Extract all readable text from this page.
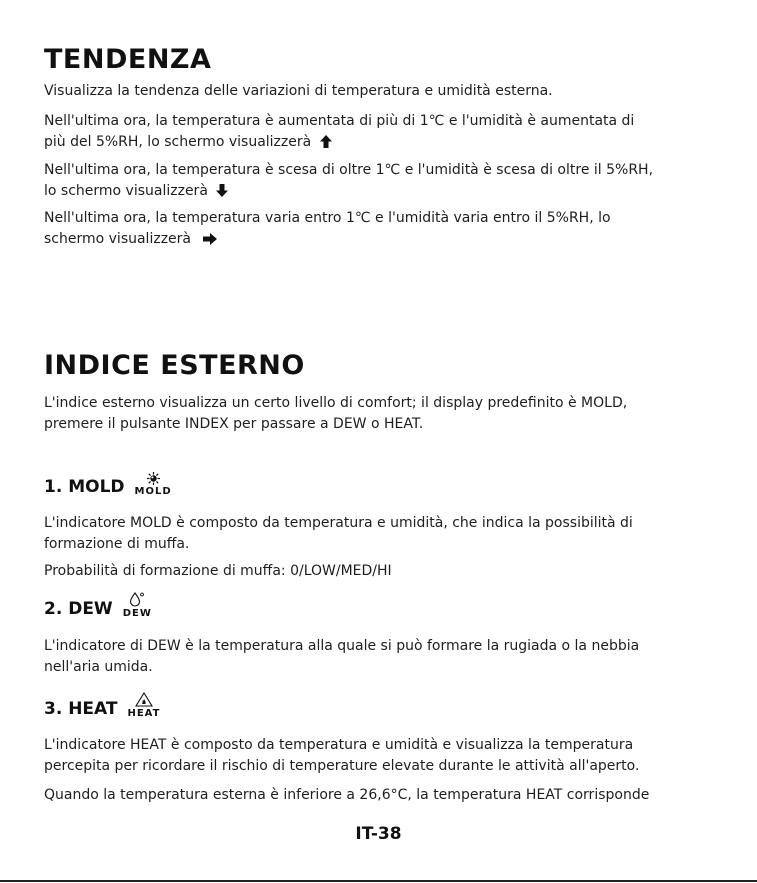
TENDENZA

Visualizza la tendenza delle variazioni di temperatura e umidità esterna.

Nell'ultima ora, la temperatura è aumentata di più di 1℃ e l'umidità è aumentata di
più del 5%RH, lo schermo visualizzerà
Nell'ultima ora, la temperatura è scesa di oltre 1℃ e l'umidità è scesa di oltre il 5%RH,
lo schermo visualizzerà
Nell'ultima ora, la temperatura varia entro 1℃ e l'umidità varia entro il 5%RH, lo
schermo visualizzerà
INDICE ESTERNO
L'indice esterno visualizza un certo livello di comfort; il display predefinito è MOLD,
premere il pulsante INDEX per passare a DEW o HEAT.
1. MOLD MOLD
L'indicatore MOLD è composto da temperatura e umidità, che indica la possibilità di
formazione di muffa.

Probabilità di formazione di muffa: 0/LOW/MED/HI

2. DEW DEW
L'indicatore di DEW è la temperatura alla quale si può formare la rugiada o la nebbia
nell'aria umida.
3. HEAT HEAT
L'indicatore HEAT è composto da temperatura e umidità e visualizza la temperatura
percepita per ricordare il rischio di temperature elevate durante le attività all'aperto.

Quando la temperatura esterna è inferiore a 26,6°C, la temperatura HEAT corrisponde

IT-38
